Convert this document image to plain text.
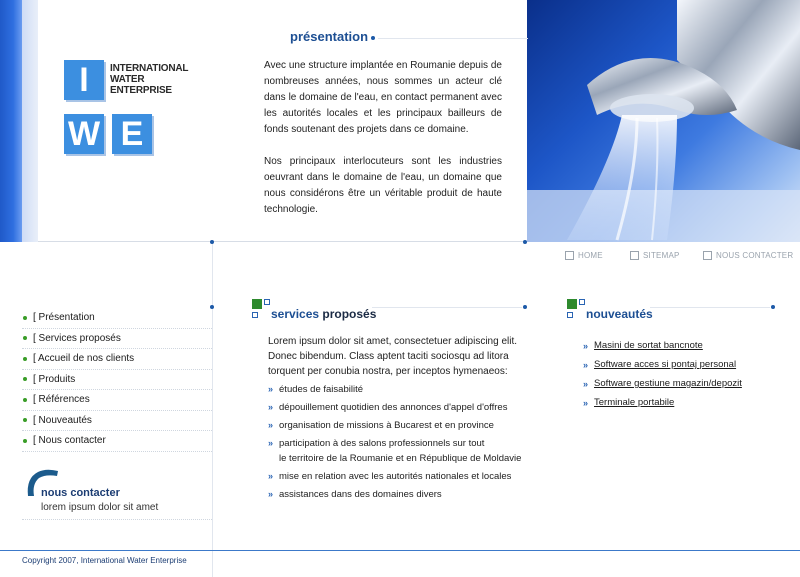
I
W E
INTERNATIONAL
WATER
ENTERPRISE
présentation

Avec une structure implantée en Roumanie depuis de nombreuses années, nous sommes un acteur clé dans le domaine de l'eau, en contact permanent avec les autorités locales et les principaux bailleurs de fonds soutenant des projets dans ce domaine.

Nos principaux interlocuteurs sont les industries oeuvrant dans le domaine de l'eau, un domaine que nous considérons être un véritable produit de haute technologie.

HOME	SITEMAP	NOUS CONTACTER
[ Présentation
[ Services proposés
[ Accueil de nos clients
[ Produits
[ Références
[ Nouveautés
[ Nous contacter
nous contacter
lorem ipsum dolor sit amet
services proposés
Lorem ipsum dolor sit amet, consectetuer adipiscing elit. Donec bibendum. Class aptent taciti sociosqu ad litora torquent per conubia nostra, per inceptos hymenaeos:
» études de faisabilité
» dépouillement quotidien des annonces d'appel d'offres
» organisation de missions à Bucarest et en province
» participation à des salons professionnels sur tout
le territoire de la Roumanie et en République de Moldavie
» mise en relation avec les autorités nationales et locales
» assistances dans des domaines divers
nouveautés
» Masini de sortat bancnote
» Software acces si pontaj personal
» Software gestiune magazin/depozit
» Terminale portabile
Copyright 2007, International Water Enterprise
